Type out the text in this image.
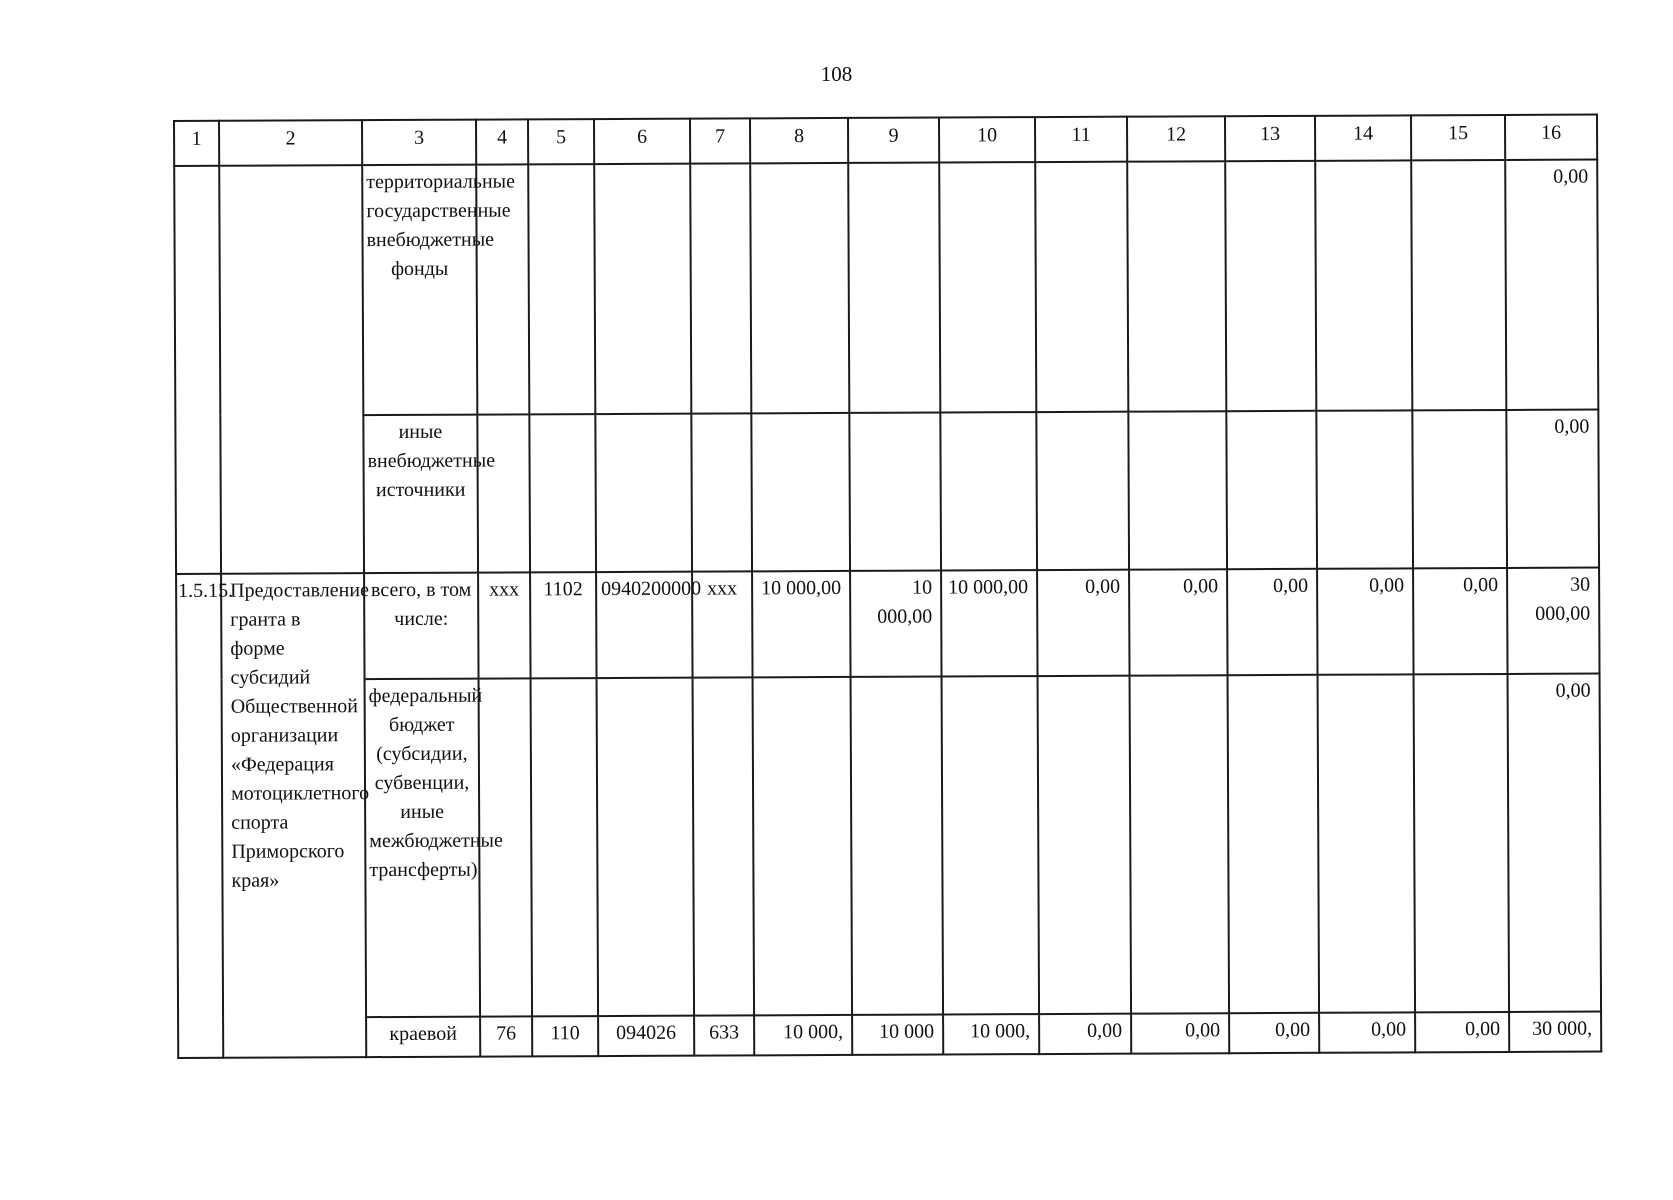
108
1	2	3	4	5	6	7	8	9	10	11	12	13	14	15	16
		территориальные государственные внебюджетные фонды													0,00
		иные внебюджетные источники													0,00
1.5.15.	Предоставление гранта в форме субсидий Общественной организации «Федерация мотоциклетного спорта Приморского края»	всего, в том числе:	ххх	1102	0940200000	ххх	10 000,00	10 000,00	10 000,00	0,00	0,00	0,00	0,00	0,00	30 000,00
		федеральный бюджет (субсидии, субвенции, иные межбюджетные трансферты)													0,00
		краевой	76	110	094026	633	10 000,	10 000	10 000,	0,00	0,00	0,00	0,00	0,00	30 000,
